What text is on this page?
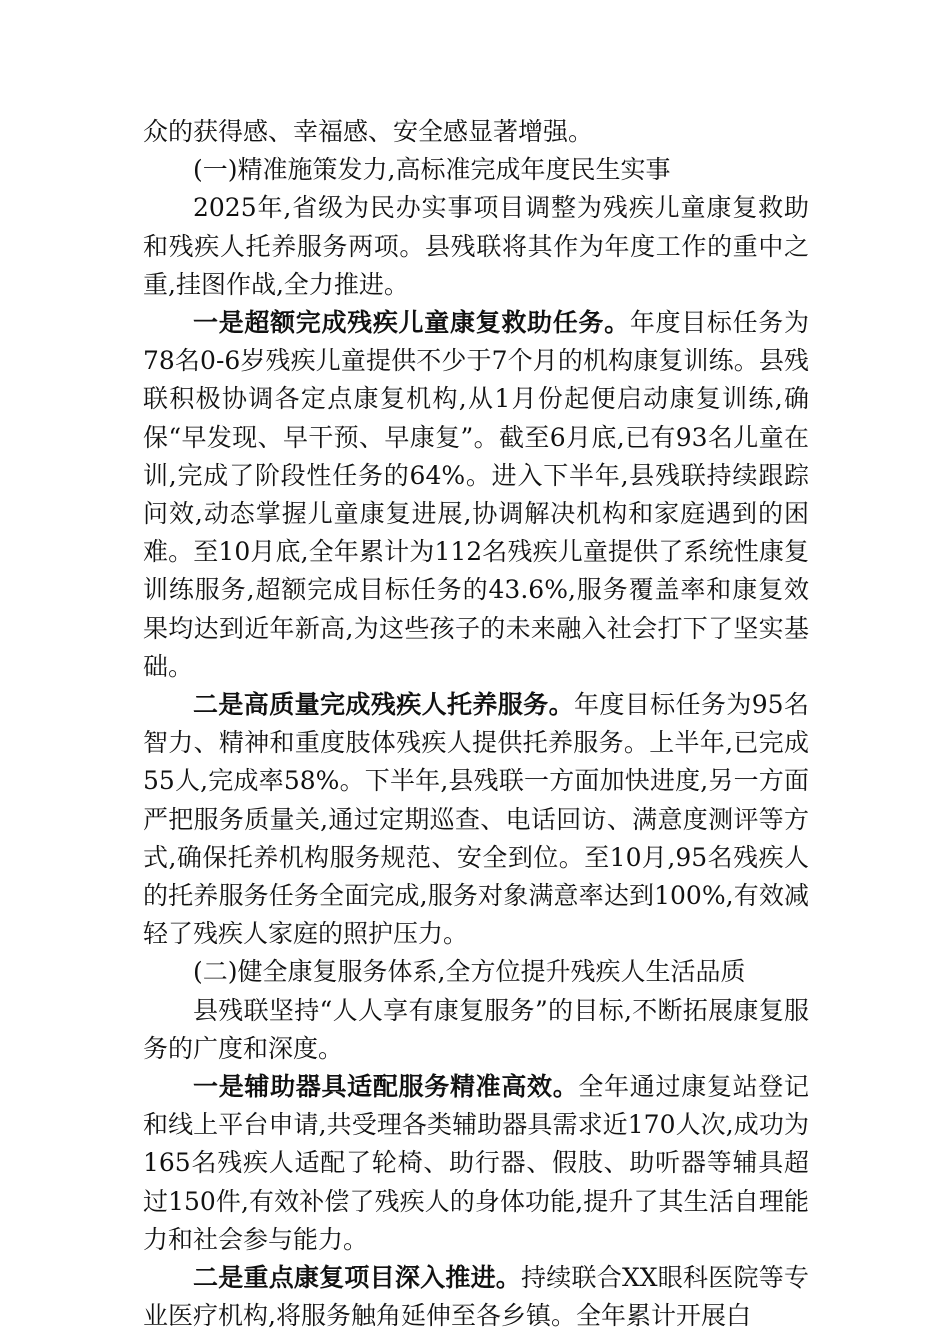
众的获得感、幸福感、安全感显著增强。

(一)精准施策发力,高标准完成年度民生实事

2025年,省级为民办实事项目调整为残疾儿童康复救助和残疾人托养服务两项。县残联将其作为年度工作的重中之重,挂图作战,全力推进。

一是超额完成残疾儿童康复救助任务。年度目标任务为78名0-6岁残疾儿童提供不少于7个月的机构康复训练。县残联积极协调各定点康复机构,从1月份起便启动康复训练,确保“早发现、早干预、早康复”。截至6月底,已有93名儿童在训,完成了阶段性任务的64%。进入下半年,县残联持续跟踪问效,动态掌握儿童康复进展,协调解决机构和家庭遇到的困难。至10月底,全年累计为112名残疾儿童提供了系统性康复训练服务,超额完成目标任务的43.6%,服务覆盖率和康复效果均达到近年新高,为这些孩子的未来融入社会打下了坚实基础。

二是高质量完成残疾人托养服务。年度目标任务为95名智力、精神和重度肢体残疾人提供托养服务。上半年,已完成55人,完成率58%。下半年,县残联一方面加快进度,另一方面严把服务质量关,通过定期巡查、电话回访、满意度测评等方式,确保托养机构服务规范、安全到位。至10月,95名残疾人的托养服务任务全面完成,服务对象满意率达到100%,有效减轻了残疾人家庭的照护压力。

(二)健全康复服务体系,全方位提升残疾人生活品质

县残联坚持“人人享有康复服务”的目标,不断拓展康复服务的广度和深度。

一是辅助器具适配服务精准高效。全年通过康复站登记和线上平台申请,共受理各类辅助器具需求近170人次,成功为165名残疾人适配了轮椅、助行器、假肢、助听器等辅具超过150件,有效补偿了残疾人的身体功能,提升了其生活自理能力和社会参与能力。

二是重点康复项目深入推进。持续联合XX眼科医院等专业医疗机构,将服务触角延伸至各乡镇。全年累计开展白
